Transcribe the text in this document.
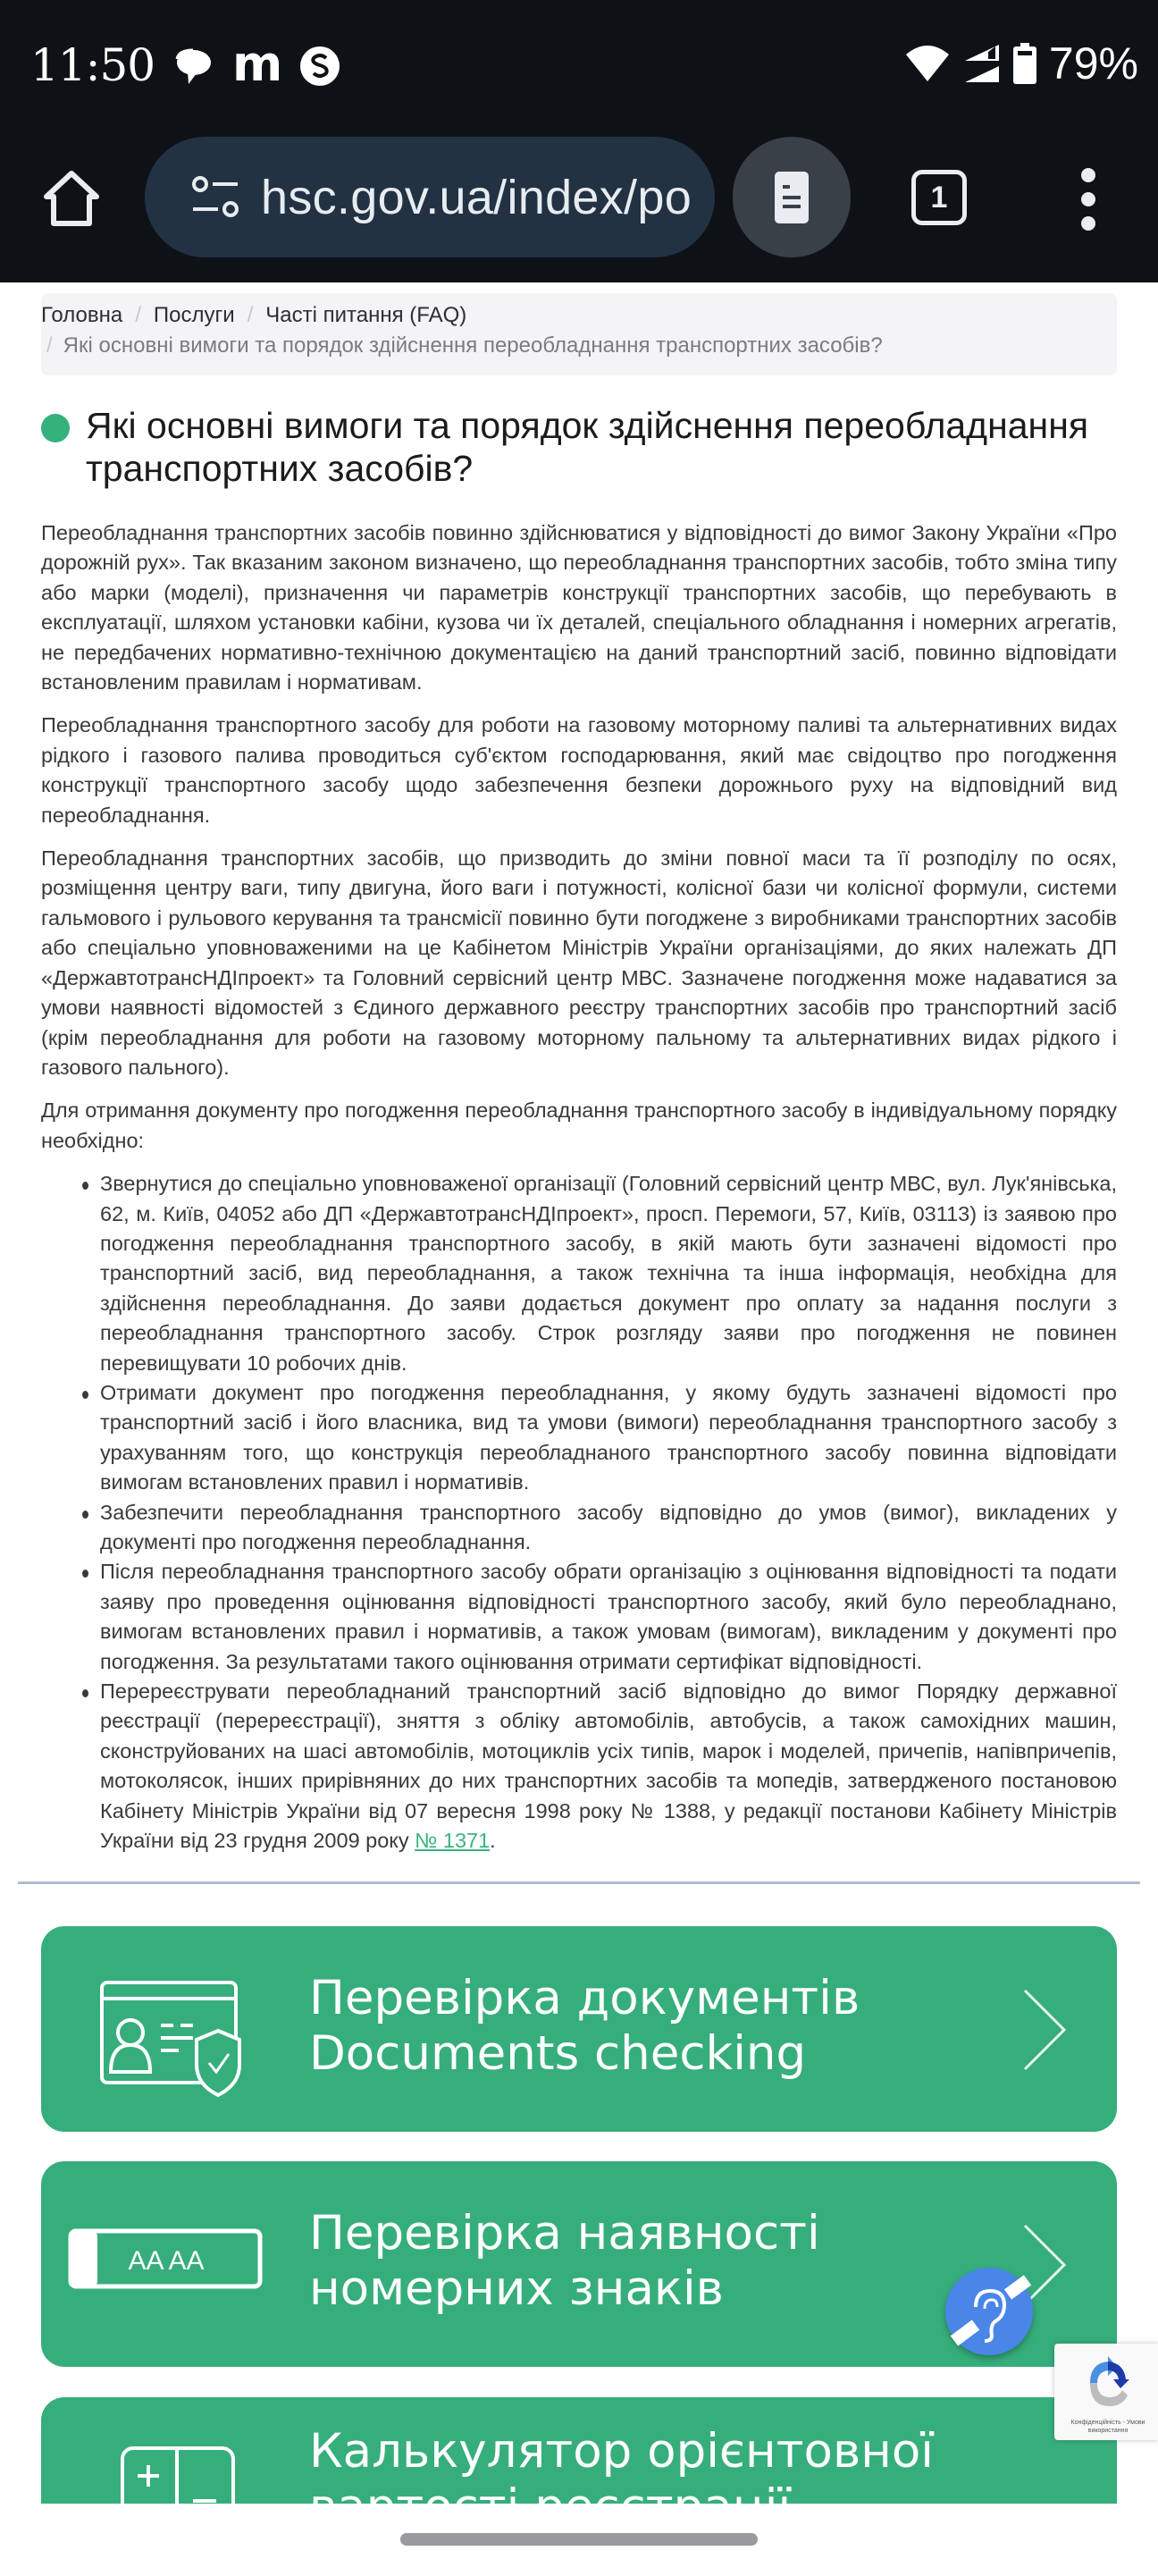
11:50 m	79%
hsc.gov.ua/index/po	1
Головна / Послуги / Часті питання (FAQ)
/ Які основні вимоги та порядок здійснення переобладнання транспортних засобів?
Які основні вимоги та порядок здійснення переобладнання транспортних засобів?

Переобладнання транспортних засобів повинно здійснюватися у відповідності до вимог Закону України «Про дорожній рух». Так вказаним законом визначено, що переобладнання транспортних засобів, тобто зміна типу або марки (моделі), призначення чи параметрів конструкції транспортних засобів, що перебувають в експлуатації, шляхом установки кабіни, кузова чи їх деталей, спеціального обладнання і номерних агрегатів, не передбачених нормативно-технічною документацією на даний транспортний засіб, повинно відповідати встановленим правилам і нормативам.

Переобладнання транспортного засобу для роботи на газовому моторному паливі та альтернативних видах рідкого і газового палива проводиться суб'єктом господарювання, який має свідоцтво про погодження конструкції транспортного засобу щодо забезпечення безпеки дорожнього руху на відповідний вид переобладнання.

Переобладнання транспортних засобів, що призводить до зміни повної маси та її розподілу по осях, розміщення центру ваги, типу двигуна, його ваги і потужності, колісної бази чи колісної формули, системи гальмового і рульового керування та трансмісії повинно бути погоджене з виробниками транспортних засобів або спеціально уповноваженими на це Кабінетом Міністрів України організаціями, до яких належать ДП «ДержавтотрансНДІпроект» та Головний сервісний центр МВС. Зазначене погодження може надаватися за умови наявності відомостей з Єдиного державного реєстру транспортних засобів про транспортний засіб (крім переобладнання для роботи на газовому моторному пальному та альтернативних видах рідкого і газового пального).

Для отримання документу про погодження переобладнання транспортного засобу в індивідуальному порядку необхідно:

Звернутися до спеціально уповноваженої організації (Головний сервісний центр МВС, вул. Лук'янівська, 62, м. Київ, 04052 або ДП «ДержавтотрансНДІпроект», просп. Перемоги, 57, Київ, 03113) із заявою про погодження переобладнання транспортного засобу, в якій мають бути зазначені відомості про транспортний засіб, вид переобладнання, а також технічна та інша інформація, необхідна для здійснення переобладнання. До заяви додається документ про оплату за надання послуги з переобладнання транспортного засобу. Строк розгляду заяви про погодження не повинен перевищувати 10 робочих днів.
Отримати документ про погодження переобладнання, у якому будуть зазначені відомості про транспортний засіб і його власника, вид та умови (вимоги) переобладнання транспортного засобу з урахуванням того, що конструкція переобладнаного транспортного засобу повинна відповідати вимогам встановлених правил і нормативів.
Забезпечити переобладнання транспортного засобу відповідно до умов (вимог), викладених у документі про погодження переобладнання.
Після переобладнання транспортного засобу обрати організацію з оцінювання відповідності та подати заяву про проведення оцінювання відповідності транспортного засобу, який було переобладнано, вимогам встановлених правил і нормативів, а також умовам (вимогам), викладеним у документі про погодження. За результатами такого оцінювання отримати сертифікат відповідності.
Перереєструвати переобладнаний транспортний засіб відповідно до вимог Порядку державної реєстрації (перереєстрації), зняття з обліку автомобілів, автобусів, а також самохідних машин, сконструйованих на шасі автомобілів, мотоциклів усіх типів, марок і моделей, причепів, напівпричепів, мотоколясок, інших прирівняних до них транспортних засобів та мопедів, затвердженого постановою Кабінету Міністрів України від 07 вересня 1998 року № 1388, у редакції постанови Кабінету Міністрів України від 23 грудня 2009 року № 1371.
Перевірка документів
Documents checking
AA AA
Перевірка наявності
номерних знаків
Калькулятор орієнтовної
Конфіденційність - Умови використання
